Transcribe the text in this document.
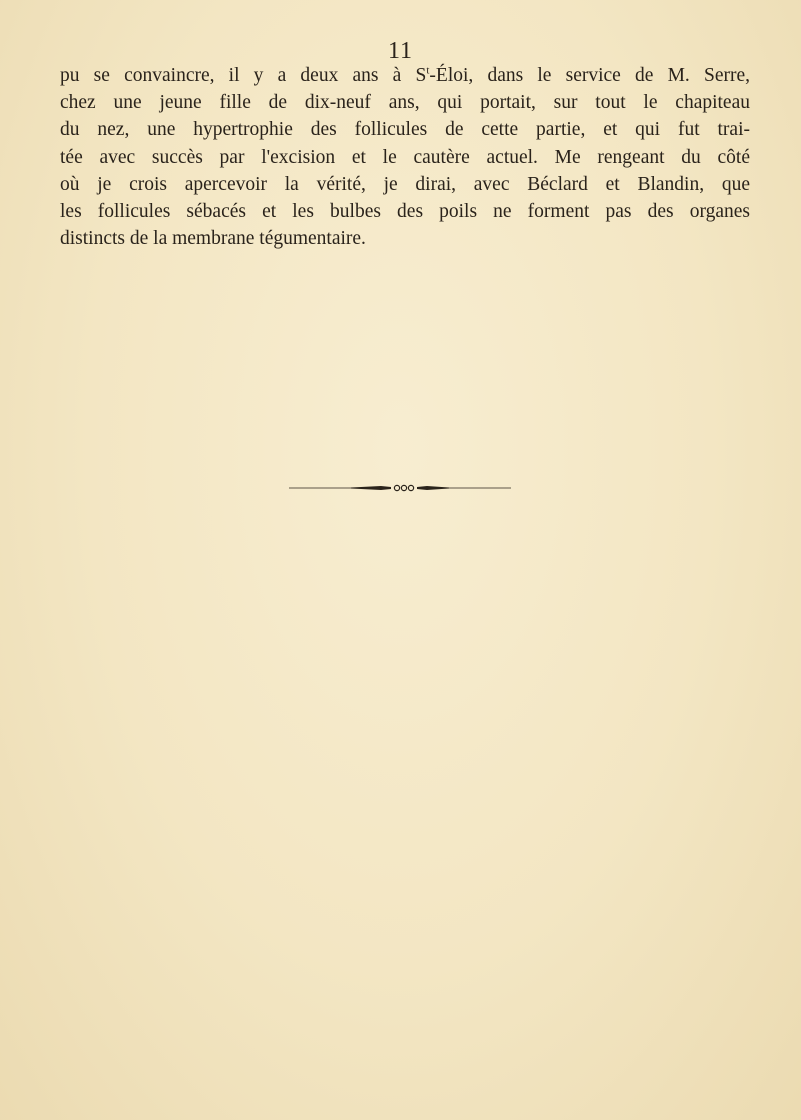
11

pu se convaincre, il y a deux ans à $S^t$-Éloi, dans le service de M. Serre,
chez une jeune fille de dix-neuf ans, qui portait, sur tout le chapiteau
du nez, une hypertrophie des follicules de cette partie, et qui fut trai-
tée avec succès par l'excision et le cautère actuel. Me rengeant du côté
où je crois apercevoir la vérité, je dirai, avec Béclard et Blandin, que
les follicules sébacés et les bulbes des poils ne forment pas des organes
distincts de la membrane tégumentaire.
